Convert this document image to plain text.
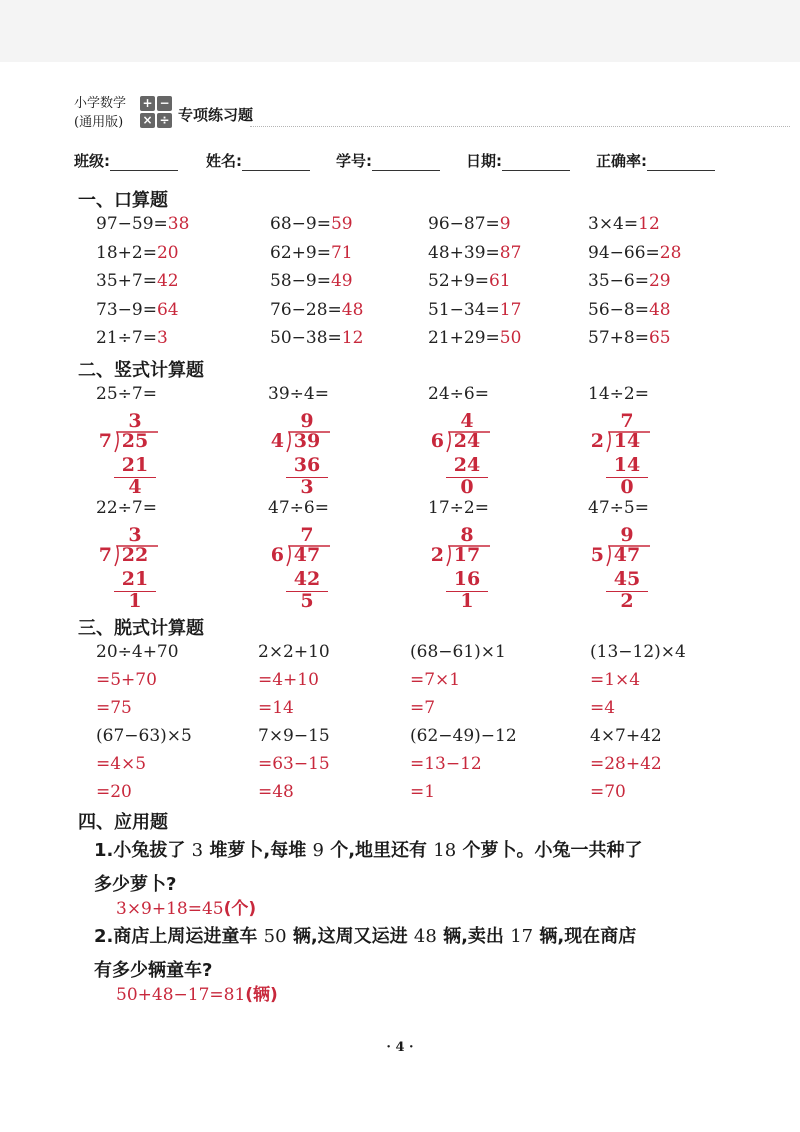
小学数学
(通用版)
+ −
× ÷ 专项练习题
班级:	姓名:	学号:	日期:	正确率:
一、口算题
97−59=38	68−9=59	96−87=9	3×4=12
18+2=20	62+9=71	48+39=87	94−66=28
35+7=42	58−9=49	52+9=61	35−6=29
73−9=64	76−28=48	51−34=17	56−8=48
21÷7=3	50−38=12	21+29=50	57+8=65
二、竖式计算题
25÷7=
3
7 25
21
4
39÷4=
9
4 39
36
3
24÷6=
4
6 24
24
0
14÷2=
7
2 14
14
0
22÷7=
3
7 22
21
1
47÷6=
7
6 47
42
5
17÷2=
8
2 17
16
1
47÷5=
9
5 47
45
2
三、脱式计算题
20÷4+70
=5+70
=75
2×2+10
=4+10
=14
(68−61)×1
=7×1
=7
(13−12)×4
=1×4
=4
(67−63)×5
=4×5
=20
7×9−15
=63−15
=48
(62−49)−12
=13−12
=1
4×7+42
=28+42
=70
四、应用题
1.小兔拔了 3 堆萝卜,每堆 9 个,地里还有 18 个萝卜。小兔一共种了
多少萝卜?
3×9+18=45(个)
2.商店上周运进童车 50 辆,这周又运进 48 辆,卖出 17 辆,现在商店
有多少辆童车?
50+48−17=81(辆)
· 4 ·
